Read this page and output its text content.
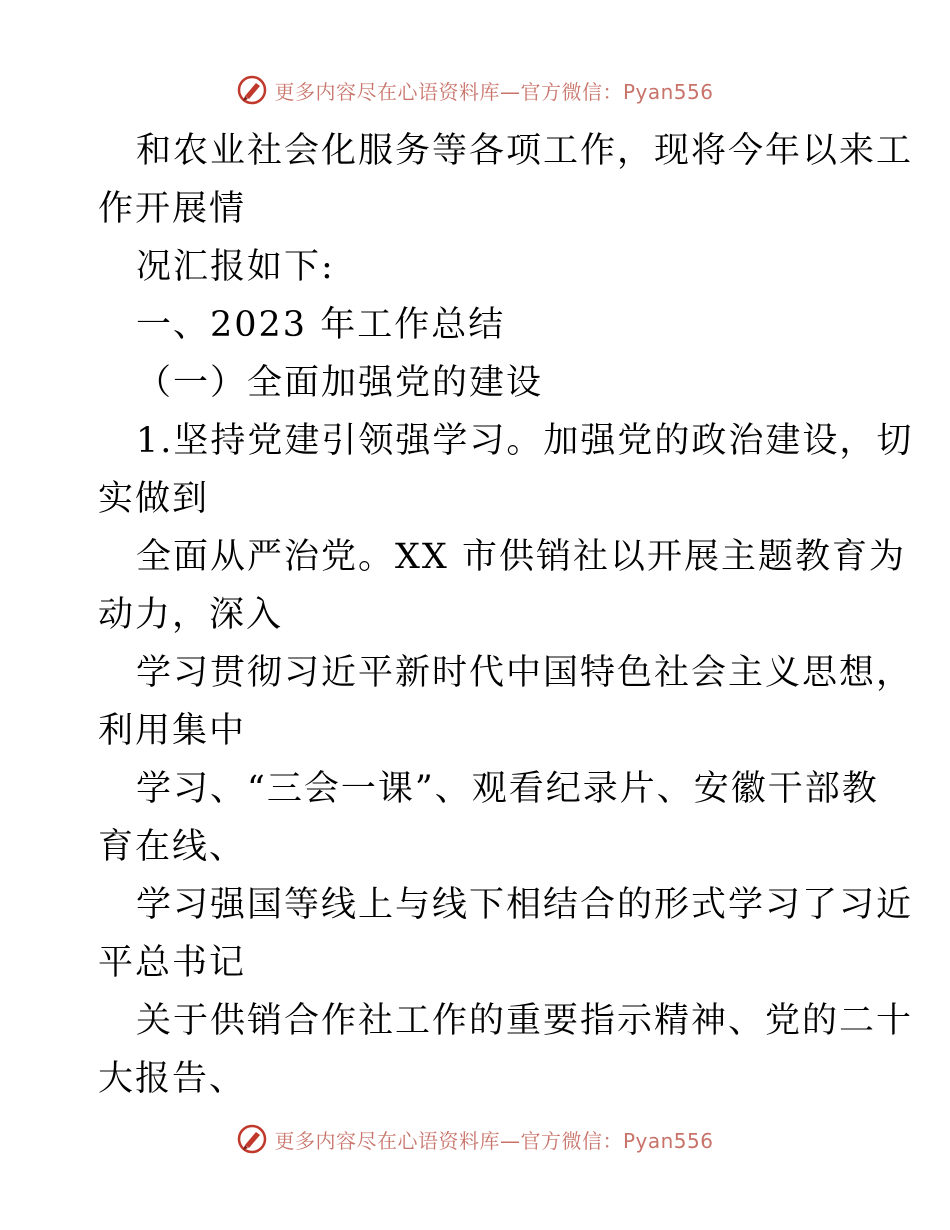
更多内容尽在心语资料库—官方微信：Pyan556
和农业社会化服务等各项工作，现将今年以来工
作开展情
况汇报如下:
一、2023 年工作总结
（一）全面加强党的建设
1.坚持党建引领强学习。加强党的政治建设，切
实做到
全面从严治党。XX 市供销社以开展主题教育为
动力，深入
学习贯彻习近平新时代中国特色社会主义思想，
利用集中
学习、“三会一课”、观看纪录片、安徽干部教
育在线、
学习强国等线上与线下相结合的形式学习了习近
平总书记
关于供销合作社工作的重要指示精神、党的二十
大报告、
更多内容尽在心语资料库—官方微信：Pyan556
